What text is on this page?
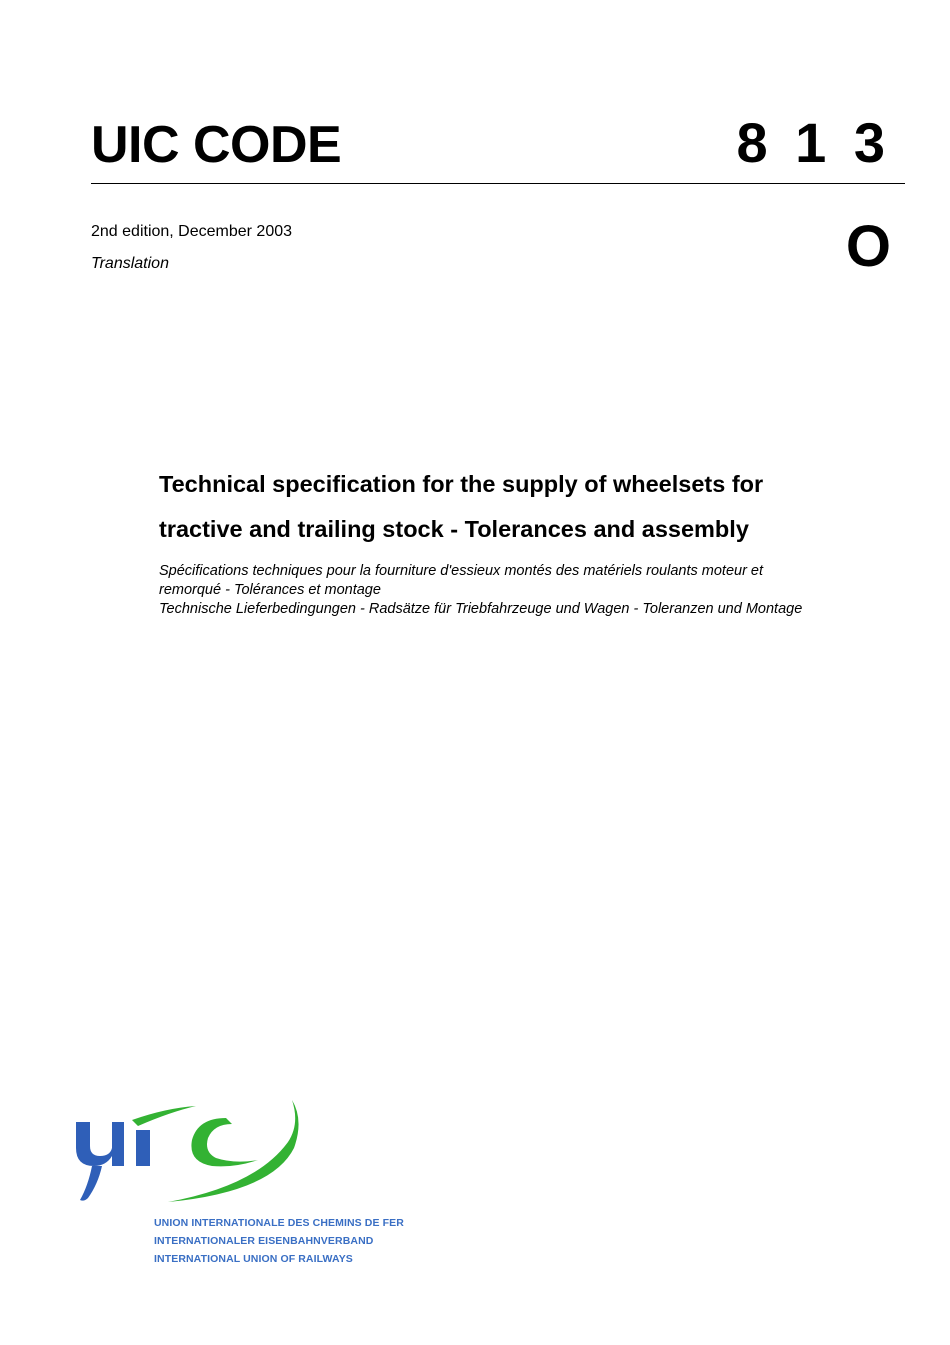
UIC CODE	8 1 3
2nd edition, December 2003
Translation	O
Technical specification for the supply of wheelsets for
tractive and trailing stock - Tolerances and assembly
Spécifications techniques pour la fourniture d'essieux montés des matériels roulants moteur et
remorqué - Tolérances et montage
Technische Lieferbedingungen - Radsätze für Triebfahrzeuge und Wagen - Toleranzen und Montage
UNION INTERNATIONALE DES CHEMINS DE FER
INTERNATIONALER EISENBAHNVERBAND
INTERNATIONAL UNION OF RAILWAYS
